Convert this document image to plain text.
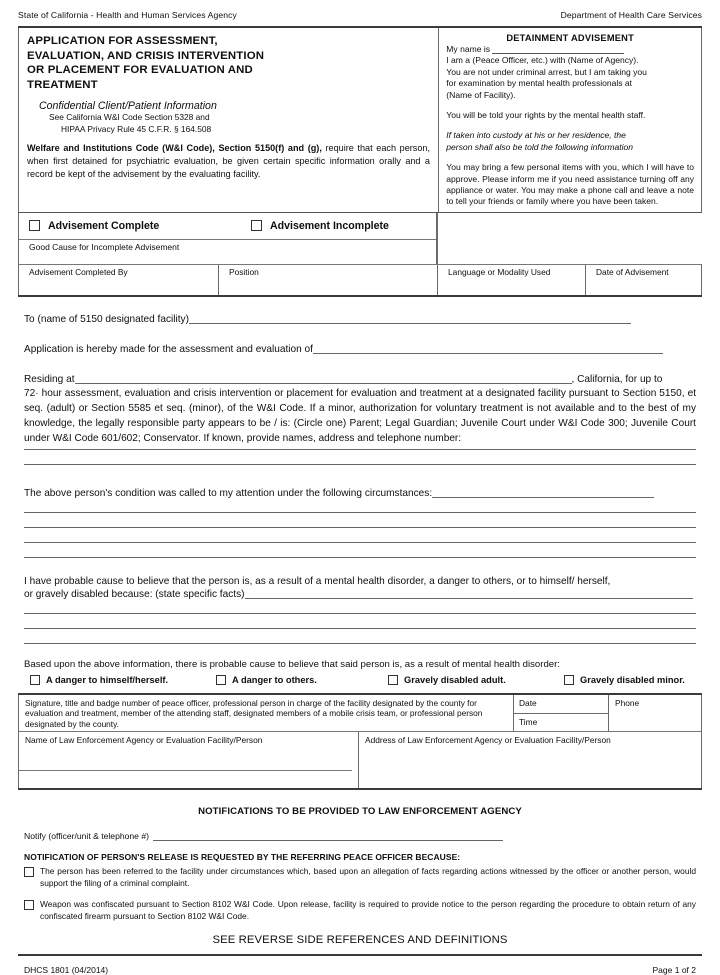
State of California - Health and Human Services Agency	Department of Health Care Services
APPLICATION FOR ASSESSMENT,
EVALUATION, AND CRISIS INTERVENTION
OR PLACEMENT FOR EVALUATION AND
TREATMENT
Confidential Client/Patient Information
See California W&I Code Section 5328 and
HIPAA Privacy Rule 45 C.F.R. § 164.508
Welfare and Institutions Code (W&I Code), Section 5150(f) and (g), require that each person, when first detained for psychiatric evaluation, be given certain specific information orally and a record be kept of the advisement by the evaluating facility.
DETAINMENT ADVISEMENT
My name is
I am a (Peace Officer, etc.) with (Name of Agency).
You are not under criminal arrest, but I am taking you
for examination by mental health professionals at
(Name of Facility).
You will be told your rights by the mental health staff.
If taken into custody at his or her residence, the
person shall also be told the following information
You may bring a few personal items with you, which I will have to approve. Please inform me if you need assistance turning off any appliance or water. You may make a phone call and leave a note to tell your friends or family where you have been taken.
Advisement Complete	Advisement Incomplete
Good Cause for Incomplete Advisement
Advisement Completed By	Position	Language or Modality Used	Date of Advisement
To (name of 5150 designated facility)
Application is hereby made for the assessment and evaluation of
Residing at	, California, for up to
72· hour assessment, evaluation and crisis intervention or placement for evaluation and treatment at a designated facility pursuant to Section 5150, et seq. (adult) or Section 5585 et seq. (minor), of the W&I Code. If a minor, authorization for voluntary treatment is not available and to the best of my knowledge, the legally responsible party appears to be / is: (Circle one) Parent; Legal Guardian; Juvenile Court under W&I Code 300; Juvenile Court under W&I Code 601/602; Conservator. If known, provide names, address and telephone number:
The above person's condition was called to my attention under the following circumstances:
I have probable cause to believe that the person is, as a result of a mental health disorder, a danger to others, or to himself/ herself,
or gravely disabled because: (state specific facts)
Based upon the above information, there is probable cause to believe that said person is, as a result of mental health disorder:
A danger to himself/herself.	A danger to others.	Gravely disabled adult.	Gravely disabled minor.
Signature, title and badge number of peace officer, professional person in charge of the facility designated by the county for evaluation and treatment, member of the attending staff, designated members of a mobile crisis team, or professional person designated by the county.
Date
Time
Phone
Name of Law Enforcement Agency or Evaluation Facility/Person	Address of Law Enforcement Agency or Evaluation Facility/Person
NOTIFICATIONS TO BE PROVIDED TO LAW ENFORCEMENT AGENCY
Notify (officer/unit & telephone #)
NOTIFICATION OF PERSON'S RELEASE IS REQUESTED BY THE REFERRING PEACE OFFICER BECAUSE:
The person has been referred to the facility under circumstances which, based upon an allegation of facts regarding actions witnessed by the officer or another person, would support the filing of a criminal complaint.
Weapon was confiscated pursuant to Section 8102 W&I Code. Upon release, facility is required to provide notice to the person regarding the procedure to obtain return of any confiscated firearm pursuant to Section 8102 W&I Code.
SEE REVERSE SIDE REFERENCES AND DEFINITIONS
DHCS 1801 (04/2014)	Page 1 of 2
